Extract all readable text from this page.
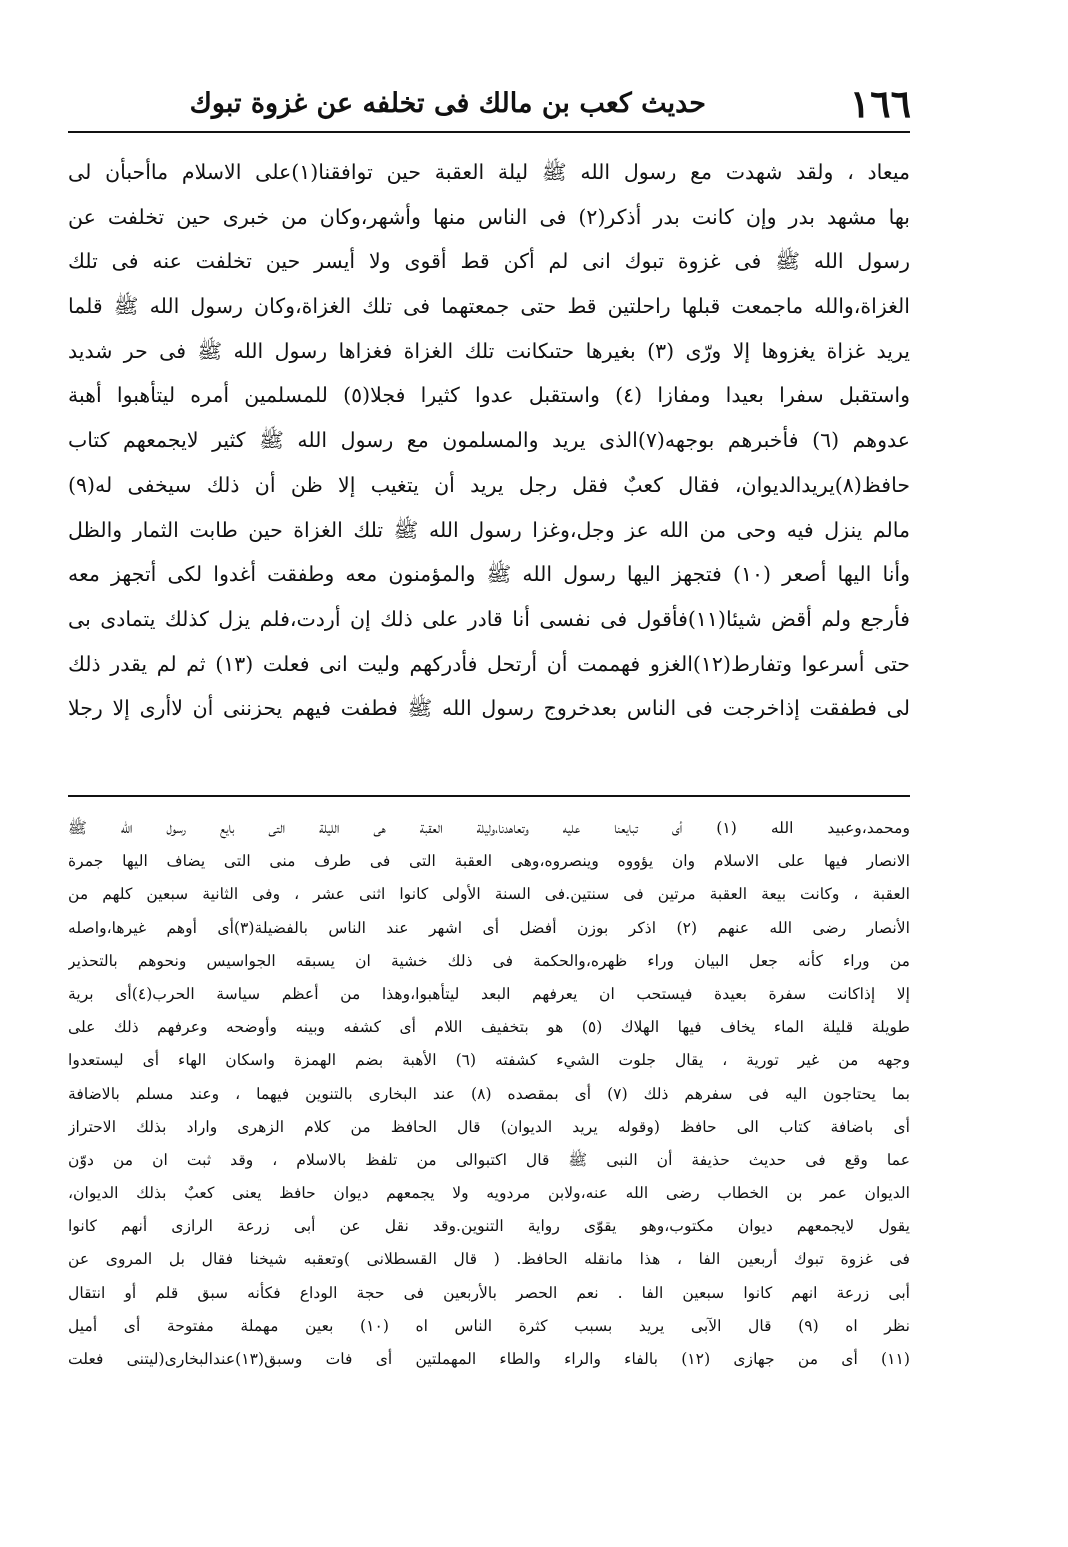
١٦٦
حديث كعب بن مالك فى تخلفه عن غزوة تبوك
ميعاد ، ولقد شهدت مع رسول الله ﷺ ليلة العقبة حين توافقنا(١)على الاسلام ماأحبأن لى
بها مشهد بدر وإن كانت بدر أذكر(٢) فى الناس منها وأشهر،وكان من خبرى حين تخلفت عن
رسول الله ﷺ فى غزوة تبوك انى لم أكن قط أقوى ولا أيسر حين تخلفت عنه فى تلك
الغزاة،والله ماجمعت قبلها راحلتين قط حتى جمعتهما فى تلك الغزاة،وكان رسول الله ﷺ قلما
يريد غزاة يغزوها إلا ورّى (٣) بغيرها حتىكانت تلك الغزاة فغزاها رسول الله ﷺ فى حر شديد
واستقبل سفرا بعيدا ومفازا (٤) واستقبل عدوا كثيرا فجلا(٥) للمسلمين أمره ليتأهبوا أهبة
عدوهم (٦) فأخبرهم بوجهه(٧)الذى يريد والمسلمون مع رسول الله ﷺ كثير لايجمعهم كتاب
حافظ(٨)يريدالديوان، فقال كعبٌ فقل رجل يريد أن يتغيب إلا ظن أن ذلك سيخفى له(٩)
مالم ينزل فيه وحى من الله عز وجل،وغزا رسول الله ﷺ تلك الغزاة حين طابت الثمار والظل
وأنا اليها أصعر (١٠) فتجهز اليها رسول الله ﷺ والمؤمنون معه وطفقت أغدوا لكى أتجهز معه
فأرجع ولم أقض شيئا(١١)فأقول فى نفسى أنا قادر على ذلك إن أردت،فلم يزل كذلك يتمادى بى
حتى أسرعوا وتفارط(١٢)الغزو فهممت أن أرتحل فأدركهم وليت انى فعلت (١٣) ثم لم يقدر ذلك
لى فطفقت إذاخرجت فى الناس بعدخروج رسول الله ﷺ فطفت فيهم يحزننى أن لاأرى إلا رجلا
ومحمد،وعبيد الله (١) أى تبايعنا عليه وتعاهدنا،وليلة العقبة هى الليلة التى بايع رسول الله ﷺ
الانصار فيها على الاسلام وان يؤووه وينصروه،وهى العقبة التى فى طرف منى التى يضاف اليها جمرة
العقبة ، وكانت بيعة العقبة مرتين فى سنتين.فى السنة الأولى كانوا اثنى عشر ، وفى الثانية سبعين كلهم من
الأنصار رضى الله عنهم (٢) اذكر بوزن أفضل أى اشهر عند الناس بالفضيلة(٣)أى أوهم غيرها،واصله
من وراء كأنه جعل البيان وراء ظهره،والحكمة فى ذلك خشية ان يسبقه الجواسيس ونحوهم بالتحذير
إلا إذاكانت سفرة بعيدة فيستحب ان يعرفهم البعد ليتأهبوا،وهذا من أعظم سياسة الحرب(٤)أى برية
طويلة قليلة الماء يخاف فيها الهلاك (٥) هو بتخفيف اللام أى كشفه وبينه وأوضحه وعرفهم ذلك على
وجهه من غير تورية ، يقال جلوت الشيء كشفته (٦) الأهبة بضم الهمزة واسكان الهاء أى ليستعدوا
بما يحتاجون اليه فى سفرهم ذلك (٧) أى بمقصده (٨) عند البخارى بالتنوين فيهما ، وعند مسلم بالاضافة
أى باضافة كتاب الى حافظ (وقوله يريد الديوان) قال الحافظ من كلام الزهرى واراد بذلك الاحتراز
عما وقع فى حديث حذيفة أن النبى ﷺ قال اكتبوالى من تلفظ بالاسلام ، وقد ثبت ان من دوّن
الديوان عمر بن الخطاب رضى الله عنه،ولابن مردويه ولا يجمعهم ديوان حافظ يعنى كعبٌ بذلك الديوان،
يقول لايجمعهم ديوان مكتوب،وهو يقوّى رواية التنوين.وقد نقل عن أبى زرعة الرازى أنهم كانوا
فى غزوة تبوك أربعين الفا ، هذا مانقله الحافظ. ( قال القسطلانى )وتعقبه شيخنا فقال بل المروى عن
أبى زرعة انهم كانوا سبعين الفا . نعم الحصر بالأربعين فى حجة الوداع فكأنه سبق قلم أو انتقال
نظر اه (٩) قال الآبى يريد بسبب كثرة الناس اه (١٠) بعين مهملة مفتوحة أى أميل
(١١) أى من جهازى (١٢) بالفاء والراء والطاء المهملتين أى فات وسبق(١٣)عندالبخارى(ليتنى فعلت
